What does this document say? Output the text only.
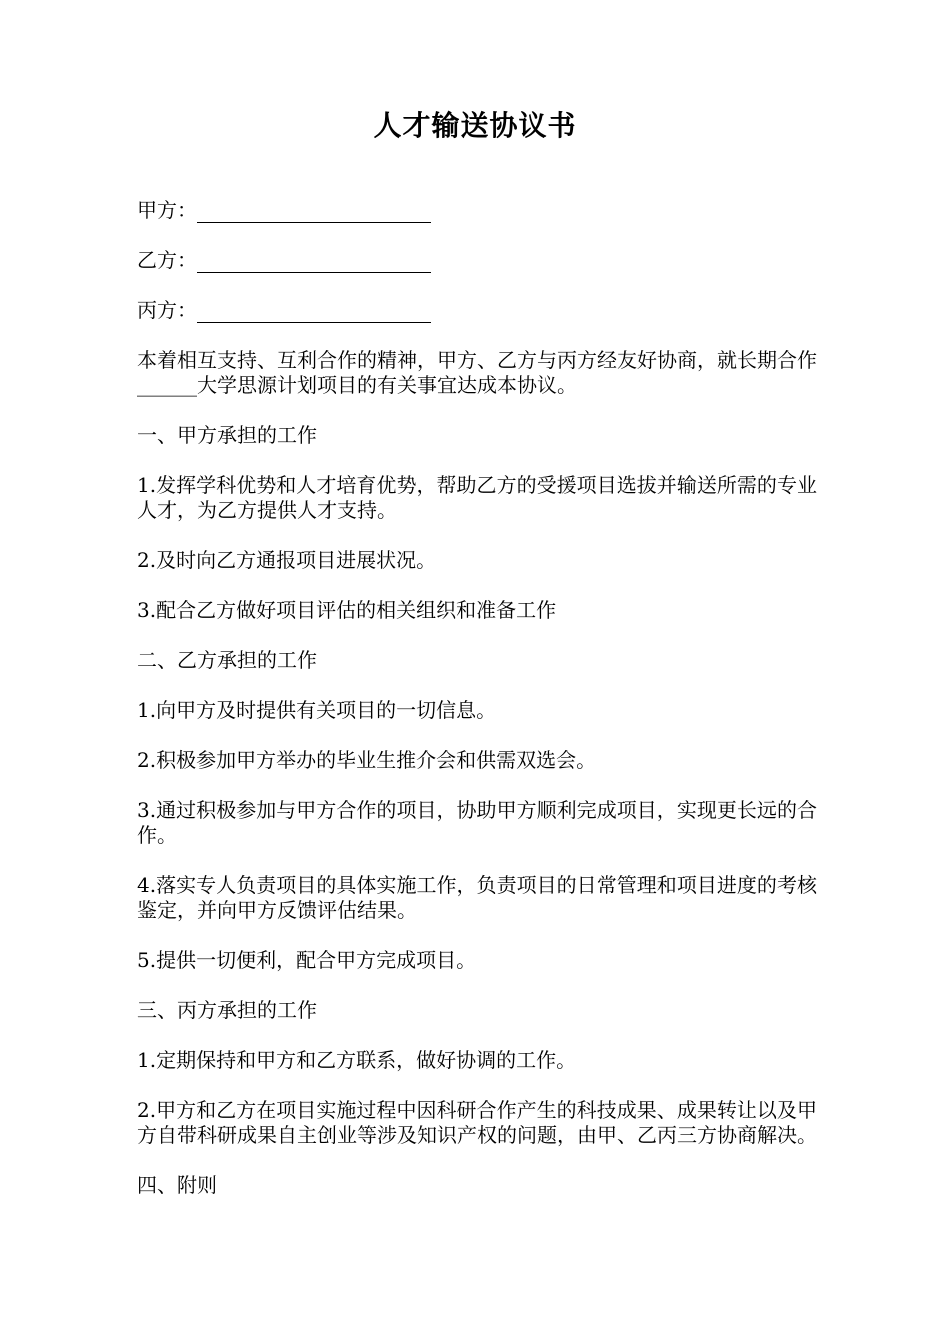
人才输送协议书
甲方：
乙方：
丙方：

本着相互支持、互利合作的精神，甲方、乙方与丙方经友好协商，就长期合作______大学思源计划项目的有关事宜达成本协议。

一、甲方承担的工作

1.发挥学科优势和人才培育优势，帮助乙方的受援项目选拔并输送所需的专业人才，为乙方提供人才支持。

2.及时向乙方通报项目进展状况。

3.配合乙方做好项目评估的相关组织和准备工作

二、乙方承担的工作

1.向甲方及时提供有关项目的一切信息。

2.积极参加甲方举办的毕业生推介会和供需双选会。

3.通过积极参加与甲方合作的项目，协助甲方顺利完成项目，实现更长远的合作。

4.落实专人负责项目的具体实施工作，负责项目的日常管理和项目进度的考核鉴定，并向甲方反馈评估结果。

5.提供一切便利，配合甲方完成项目。

三、丙方承担的工作

1.定期保持和甲方和乙方联系，做好协调的工作。

2.甲方和乙方在项目实施过程中因科研合作产生的科技成果、成果转让以及甲方自带科研成果自主创业等涉及知识产权的问题，由甲、乙丙三方协商解决。

四、附则
